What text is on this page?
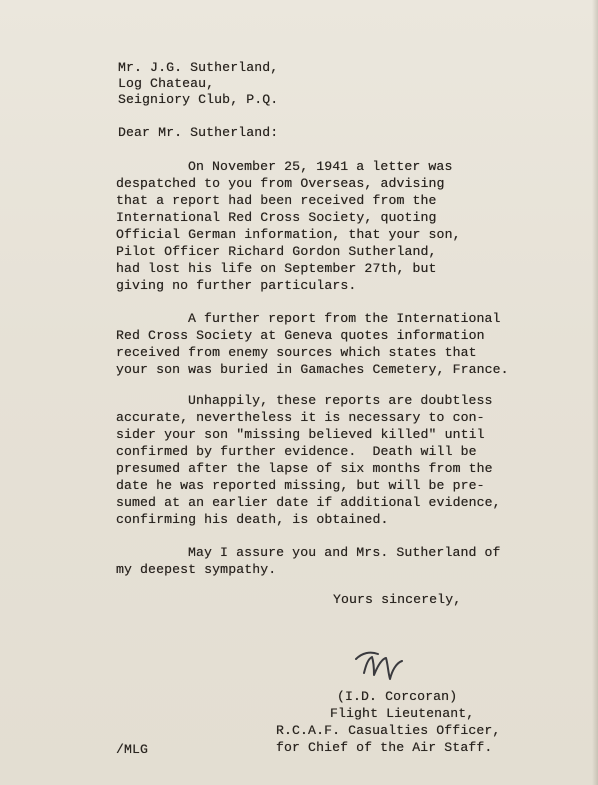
Mr. J.G. Sutherland,
Log Chateau,
Seigniory Club, P.Q.
Dear Mr. Sutherland:
On November 25, 1941 a letter was
despatched to you from Overseas, advising
that a report had been received from the
International Red Cross Society, quoting
Official German information, that your son,
Pilot Officer Richard Gordon Sutherland,
had lost his life on September 27th, but
giving no further particulars.
A further report from the International
Red Cross Society at Geneva quotes information
received from enemy sources which states that
your son was buried in Gamaches Cemetery, France.
Unhappily, these reports are doubtless
accurate, nevertheless it is necessary to con-
sider your son "missing believed killed" until
confirmed by further evidence.  Death will be
presumed after the lapse of six months from the
date he was reported missing, but will be pre-
sumed at an earlier date if additional evidence,
confirming his death, is obtained.
May I assure you and Mrs. Sutherland of
my deepest sympathy.
Yours sincerely,
(I.D. Corcoran)
Flight Lieutenant,
R.C.A.F. Casualties Officer,
for Chief of the Air Staff.
/MLG
